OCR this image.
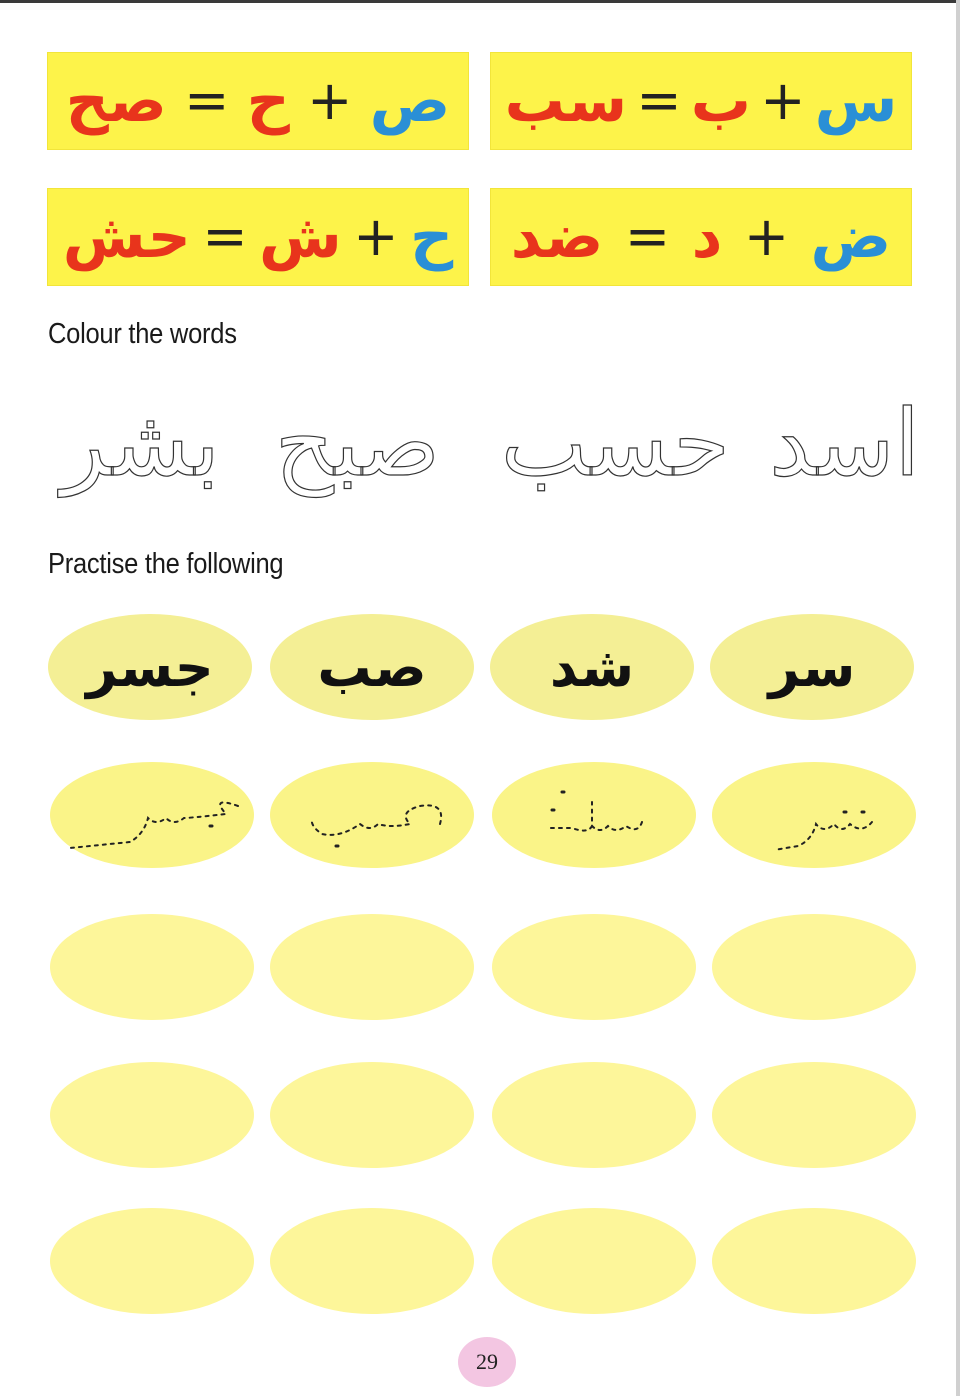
س
+
ب
=
سب
ص
+
ح
=
صح
ض
+
د
=
ضد
ح
+
ش
=
حش
Colour the words
اسد
حسب
صبح
بشر
Practise the following
سر
شد
صب
جسر
29
